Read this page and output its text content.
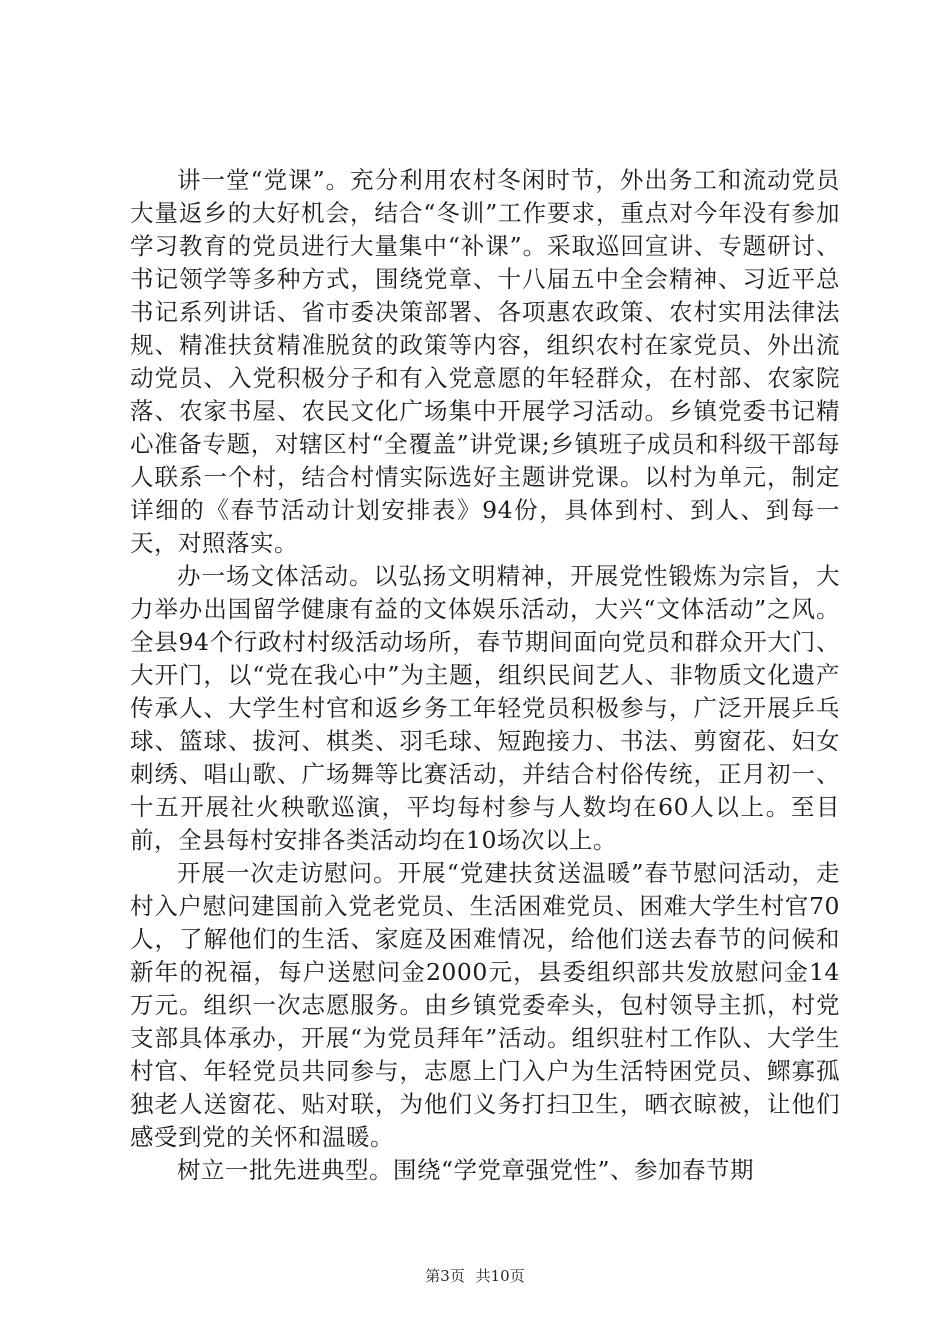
讲一堂“党课”。充分利用农村冬闲时节，外出务工和流动党员大量返乡的大好机会，结合“冬训”工作要求，重点对今年没有参加学习教育的党员进行大量集中“补课”。采取巡回宣讲、专题研讨、书记领学等多种方式，围绕党章、十八届五中全会精神、习近平总书记系列讲话、省市委决策部署、各项惠农政策、农村实用法律法规、精准扶贫精准脱贫的政策等内容，组织农村在家党员、外出流动党员、入党积极分子和有入党意愿的年轻群众，在村部、农家院落、农家书屋、农民文化广场集中开展学习活动。乡镇党委书记精心准备专题，对辖区村“全覆盖”讲党课;乡镇班子成员和科级干部每人联系一个村，结合村情实际选好主题讲党课。以村为单元，制定详细的《春节活动计划安排表》94份，具体到村、到人、到每一天，对照落实。

办一场文体活动。以弘扬文明精神，开展党性锻炼为宗旨，大力举办出国留学健康有益的文体娱乐活动，大兴“文体活动”之风。全县94个行政村村级活动场所，春节期间面向党员和群众开大门、大开门，以“党在我心中”为主题，组织民间艺人、非物质文化遗产传承人、大学生村官和返乡务工年轻党员积极参与，广泛开展乒乓球、篮球、拔河、棋类、羽毛球、短跑接力、书法、剪窗花、妇女刺绣、唱山歌、广场舞等比赛活动，并结合村俗传统，正月初一、十五开展社火秧歌巡演，平均每村参与人数均在60人以上。至目前，全县每村安排各类活动均在10场次以上。

开展一次走访慰问。开展“党建扶贫送温暖”春节慰问活动，走村入户慰问建国前入党老党员、生活困难党员、困难大学生村官70人，了解他们的生活、家庭及困难情况，给他们送去春节的问候和新年的祝福，每户送慰问金2000元，县委组织部共发放慰问金14万元。组织一次志愿服务。由乡镇党委牵头，包村领导主抓，村党支部具体承办，开展“为党员拜年”活动。组织驻村工作队、大学生村官、年轻党员共同参与，志愿上门入户为生活特困党员、鳏寡孤独老人送窗花、贴对联，为他们义务打扫卫生，晒衣晾被，让他们感受到党的关怀和温暖。

树立一批先进典型。围绕“学党章强党性”、参加春节期

第3页 共10页
